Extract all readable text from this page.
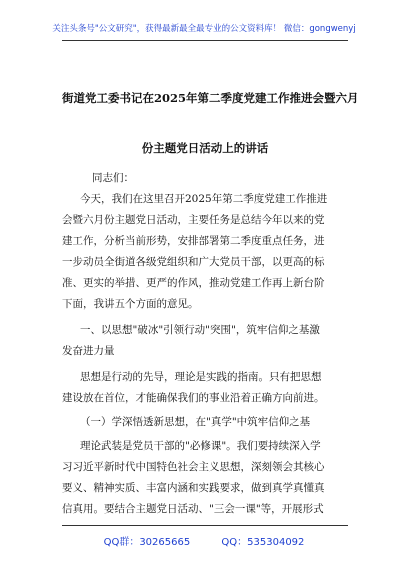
关注头条号"公文研究"，获得最新最全最专业的公文资料库！ 微信：gongwenyj
街道党工委书记在2025年第二季度党建工作推进会暨六月
份主题党日活动上的讲话
同志们：
今天，我们在这里召开2025年第二季度党建工作推进
会暨六月份主题党日活动，主要任务是总结今年以来的党
建工作，分析当前形势，安排部署第二季度重点任务，进
一步动员全街道各级党组织和广大党员干部，以更高的标
准、更实的举措、更严的作风，推动党建工作再上新台阶
下面，我讲五个方面的意见。
一、以思想"破冰"引领行动"突围"，筑牢信仰之基激
发奋进力量
思想是行动的先导，理论是实践的指南。只有把思想
建设放在首位，才能确保我们的事业沿着正确方向前进。
（一）学深悟透新思想，在"真学"中筑牢信仰之基
理论武装是党员干部的"必修课"。我们要持续深入学
习习近平新时代中国特色社会主义思想，深刻领会其核心
要义、精神实质、丰富内涵和实践要求，做到真学真懂真
信真用。要结合主题党日活动、"三会一课"等，开展形式
QQ群：30265665	QQ：535304092
